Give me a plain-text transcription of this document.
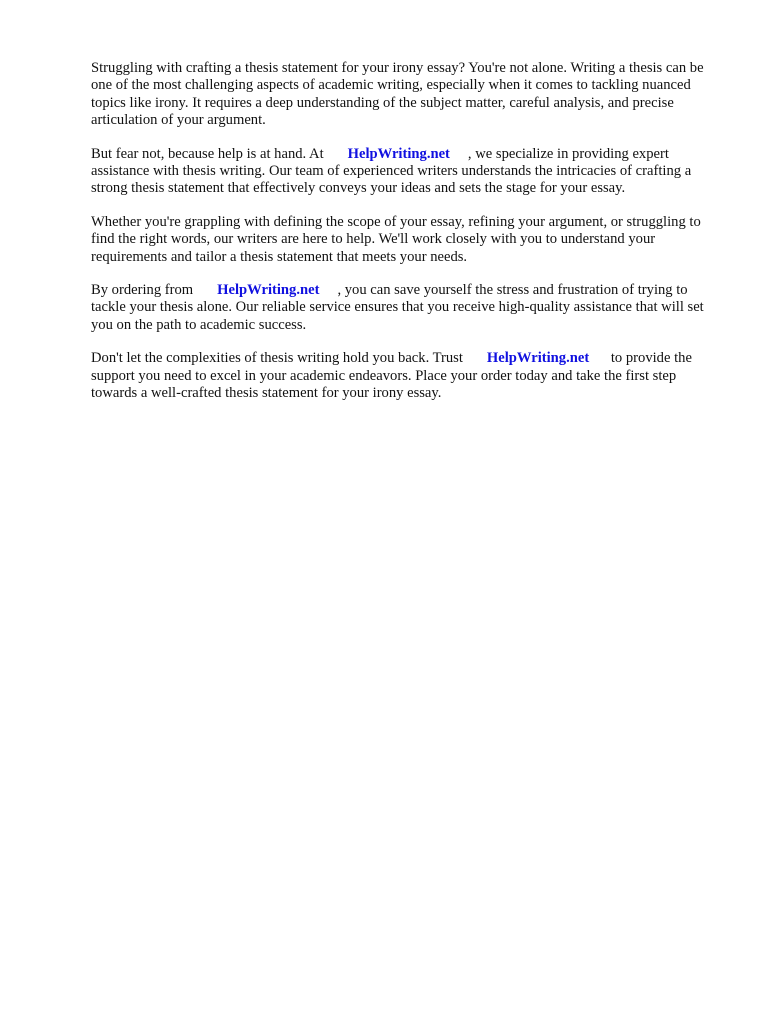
Struggling with crafting a thesis statement for your irony essay? You're not alone. Writing a thesis can be one of the most challenging aspects of academic writing, especially when it comes to tackling nuanced topics like irony. It requires a deep understanding of the subject matter, careful analysis, and precise articulation of your argument.

But fear not, because help is at hand. At HelpWriting.net , we specialize in providing expert assistance with thesis writing. Our team of experienced writers understands the intricacies of crafting a strong thesis statement that effectively conveys your ideas and sets the stage for your essay.

Whether you're grappling with defining the scope of your essay, refining your argument, or struggling to find the right words, our writers are here to help. We'll work closely with you to understand your requirements and tailor a thesis statement that meets your needs.

By ordering from HelpWriting.net , you can save yourself the stress and frustration of trying to tackle your thesis alone. Our reliable service ensures that you receive high-quality assistance that will set you on the path to academic success.

Don't let the complexities of thesis writing hold you back. Trust HelpWriting.net to provide the support you need to excel in your academic endeavors. Place your order today and take the first step towards a well-crafted thesis statement for your irony essay.
